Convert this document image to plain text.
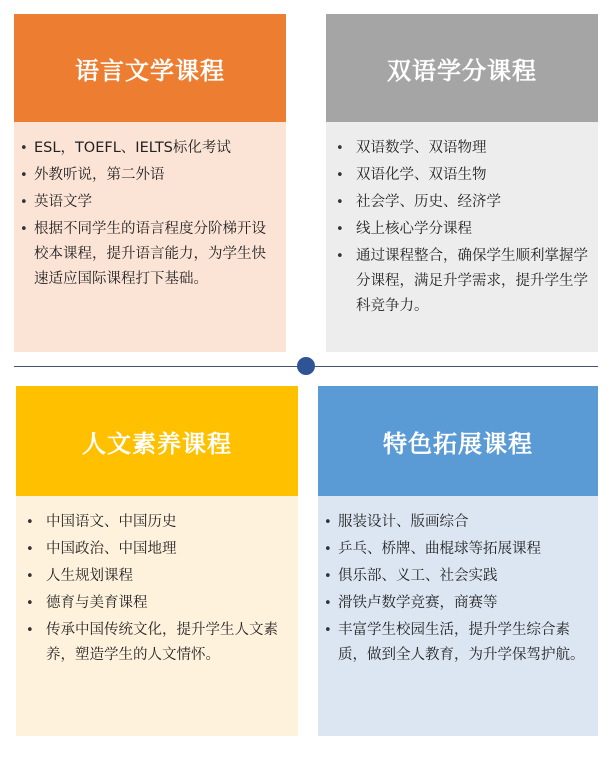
语言文学课程
• ESL，TOEFL、IELTS标化考试
• 外教听说，第二外语
• 英语文学
• 根据不同学生的语言程度分阶梯开设校本课程，提升语言能力，为学生快速适应国际课程打下基础。
双语学分课程
• 双语数学、双语物理
• 双语化学、双语生物
• 社会学、历史、经济学
• 线上核心学分课程
• 通过课程整合，确保学生顺利掌握学分课程，满足升学需求，提升学生学科竞争力。
人文素养课程
• 中国语文、中国历史
• 中国政治、中国地理
• 人生规划课程
• 德育与美育课程
• 传承中国传统文化，提升学生人文素养，塑造学生的人文情怀。
特色拓展课程
• 服装设计、版画综合
• 乒乓、桥牌、曲棍球等拓展课程
• 俱乐部、义工、社会实践
• 滑铁卢数学竞赛，商赛等
• 丰富学生校园生活，提升学生综合素质，做到全人教育，为升学保驾护航。
